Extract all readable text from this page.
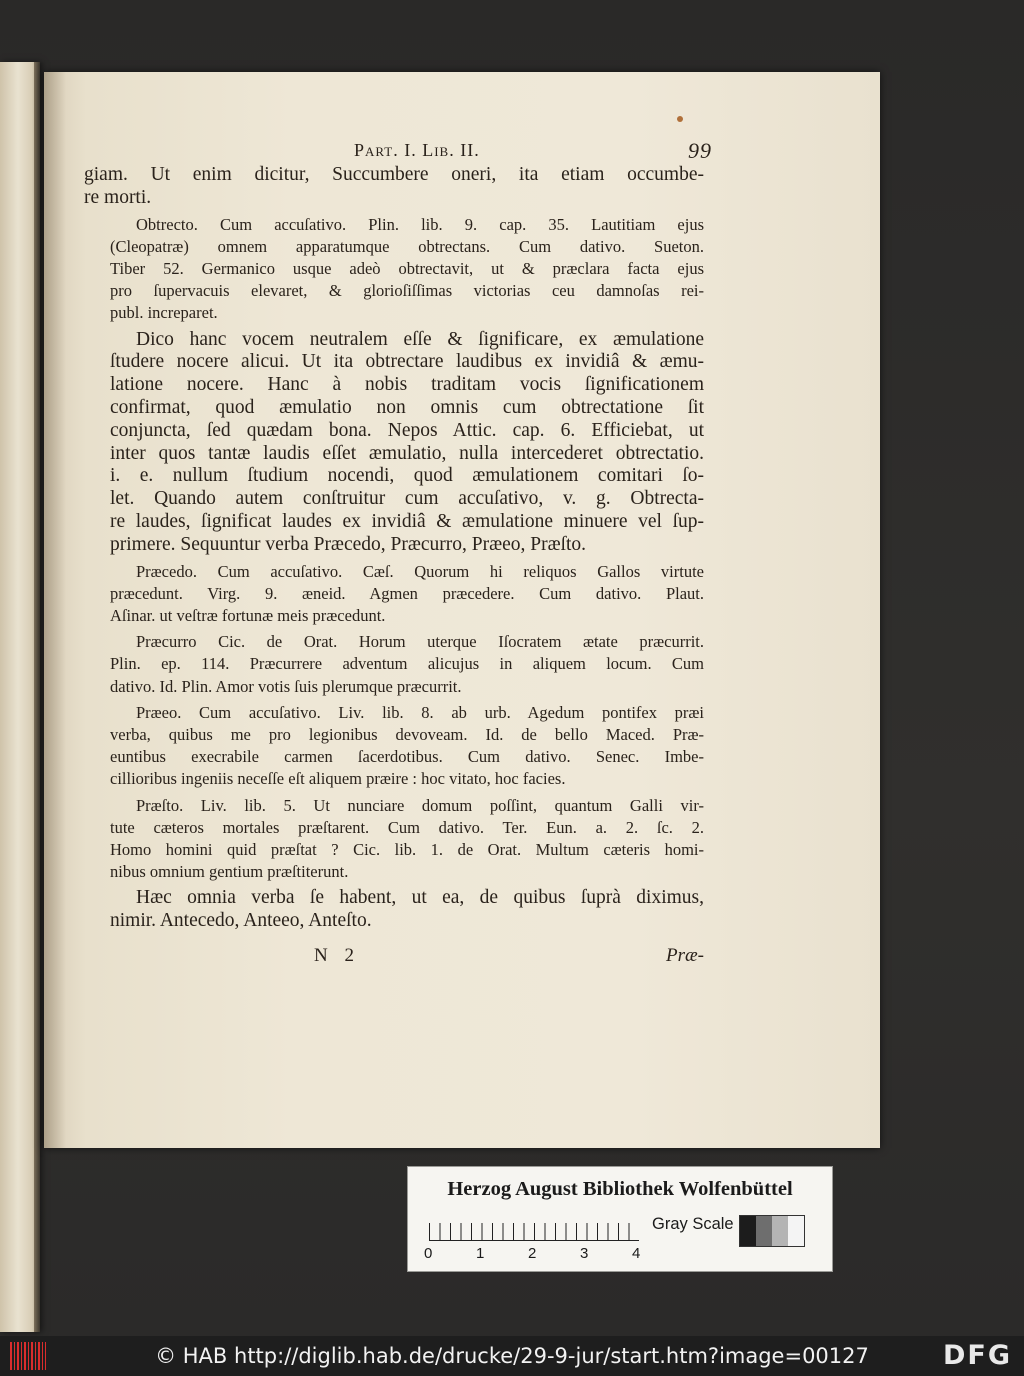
Part. I. Lib. II.	99
giam. Ut enim dicitur, Succumbere oneri, ita etiam occumbe-
re morti.
Obtrecto. Cum accuſativo. Plin. lib. 9. cap. 35. Lautitiam ejus
(Cleopatræ) omnem apparatumque obtrectans. Cum dativo. Sueton.
Tiber 52. Germanico usque adeò obtrectavit, ut & præclara facta ejus
pro ſupervacuis elevaret, & glorioſiſſimas victorias ceu damnoſas rei-
publ. increparet.
Dico hanc vocem neutralem eſſe & ſignificare, ex æmulatione
ſtudere nocere alicui. Ut ita obtrectare laudibus ex invidiâ & æmu-
latione nocere. Hanc à nobis traditam vocis ſignificationem
confirmat, quod æmulatio non omnis cum obtrectatione ſit
conjuncta, ſed quædam bona. Nepos Attic. cap. 6. Efficiebat, ut
inter quos tantæ laudis eſſet æmulatio, nulla intercederet obtrectatio.
i. e. nullum ſtudium nocendi, quod æmulationem comitari ſo-
let. Quando autem conſtruitur cum accuſativo, v. g. Obtrecta-
re laudes, ſignificat laudes ex invidiâ & æmulatione minuere vel ſup-
primere. Sequuntur verba Præcedo, Præcurro, Præeo, Præſto.
Præcedo. Cum accuſativo. Cæſ. Quorum hi reliquos Gallos virtute
præcedunt. Virg. 9. æneid. Agmen præcedere. Cum dativo. Plaut.
Aſinar. ut veſtræ fortunæ meis præcedunt.
Præcurro Cic. de Orat. Horum uterque Iſocratem ætate præcurrit.
Plin. ep. 114. Præcurrere adventum alicujus in aliquem locum. Cum
dativo. Id. Plin. Amor votis ſuis plerumque præcurrit.
Præeo. Cum accuſativo. Liv. lib. 8. ab urb. Agedum pontifex præi
verba, quibus me pro legionibus devoveam. Id. de bello Maced. Præ-
euntibus execrabile carmen ſacerdotibus. Cum dativo. Senec. Imbe-
cillioribus ingeniis neceſſe eſt aliquem præire : hoc vitato, hoc facies.
Præſto. Liv. lib. 5. Ut nunciare domum poſſint, quantum Galli vir-
tute cæteros mortales præſtarent. Cum dativo. Ter. Eun. a. 2. ſc. 2.
Homo homini quid præſtat ? Cic. lib. 1. de Orat. Multum cæteris homi-
nibus omnium gentium præſtiterunt.
Hæc omnia verba ſe habent, ut ea, de quibus ſuprà diximus,
nimir. Antecedo, Anteeo, Anteſto.
N 2	Præ-
Herzog August Bibliothek Wolfenbüttel
0	1	2	3	4
Gray Scale
© HAB http://diglib.hab.de/drucke/29-9-jur/start.htm?image=00127	DFG
